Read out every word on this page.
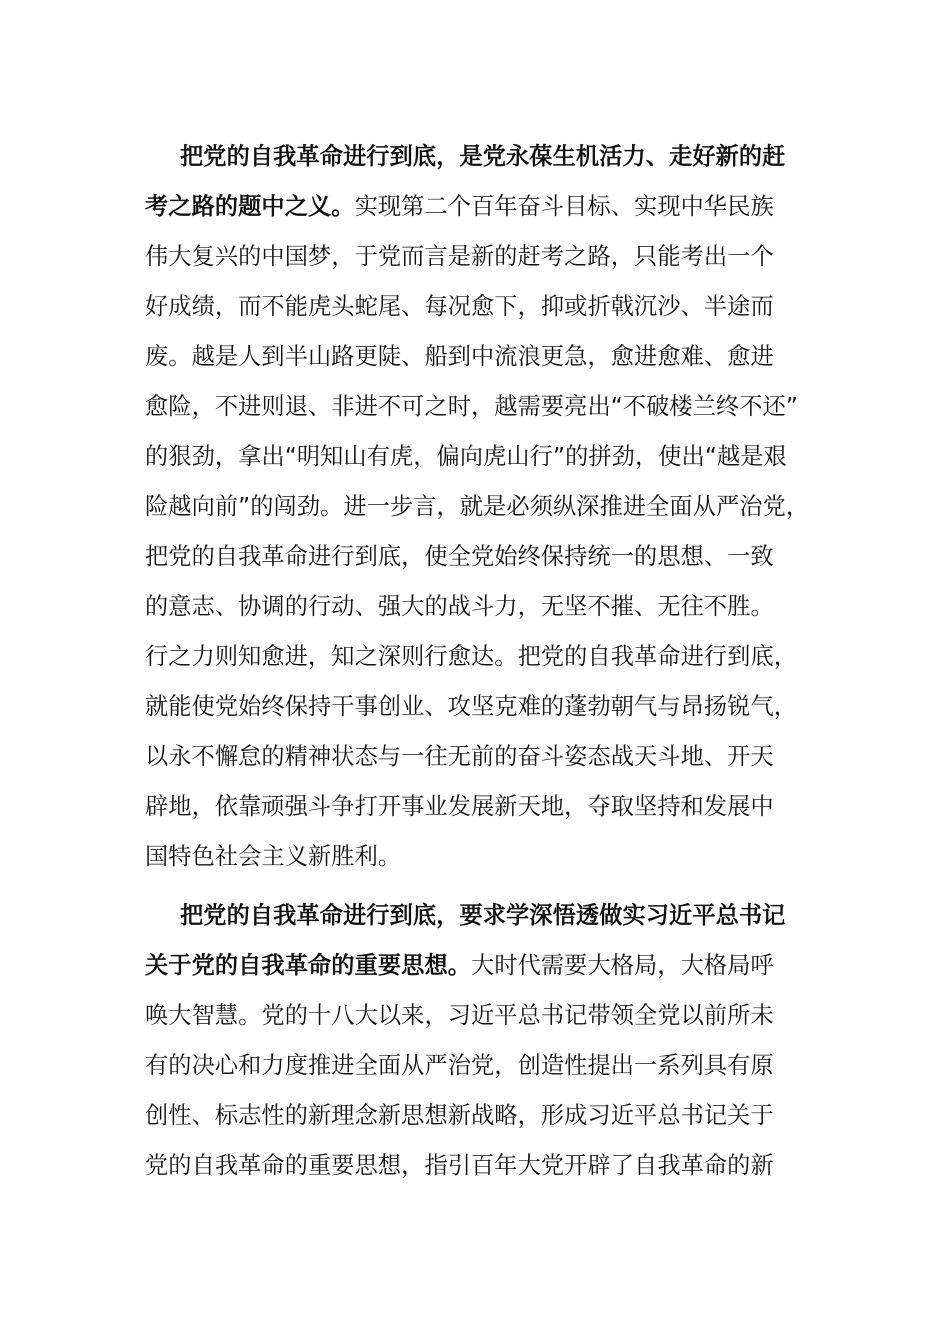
把党的自我革命进行到底，是党永葆生机活力、走好新的赶
考之路的题中之义。实现第二个百年奋斗目标、实现中华民族
伟大复兴的中国梦，于党而言是新的赶考之路，只能考出一个
好成绩，而不能虎头蛇尾、每况愈下，抑或折戟沉沙、半途而
废。越是人到半山路更陡、船到中流浪更急，愈进愈难、愈进
愈险，不进则退、非进不可之时，越需要亮出“不破楼兰终不还”
的狠劲，拿出“明知山有虎，偏向虎山行”的拼劲，使出“越是艰
险越向前”的闯劲。进一步言，就是必须纵深推进全面从严治党，
把党的自我革命进行到底，使全党始终保持统一的思想、一致
的意志、协调的行动、强大的战斗力，无坚不摧、无往不胜。
行之力则知愈进，知之深则行愈达。把党的自我革命进行到底，
就能使党始终保持干事创业、攻坚克难的蓬勃朝气与昂扬锐气，
以永不懈怠的精神状态与一往无前的奋斗姿态战天斗地、开天
辟地，依靠顽强斗争打开事业发展新天地，夺取坚持和发展中
国特色社会主义新胜利。
把党的自我革命进行到底，要求学深悟透做实习近平总书记
关于党的自我革命的重要思想。大时代需要大格局，大格局呼
唤大智慧。党的十八大以来，习近平总书记带领全党以前所未
有的决心和力度推进全面从严治党，创造性提出一系列具有原
创性、标志性的新理念新思想新战略，形成习近平总书记关于
党的自我革命的重要思想，指引百年大党开辟了自我革命的新
